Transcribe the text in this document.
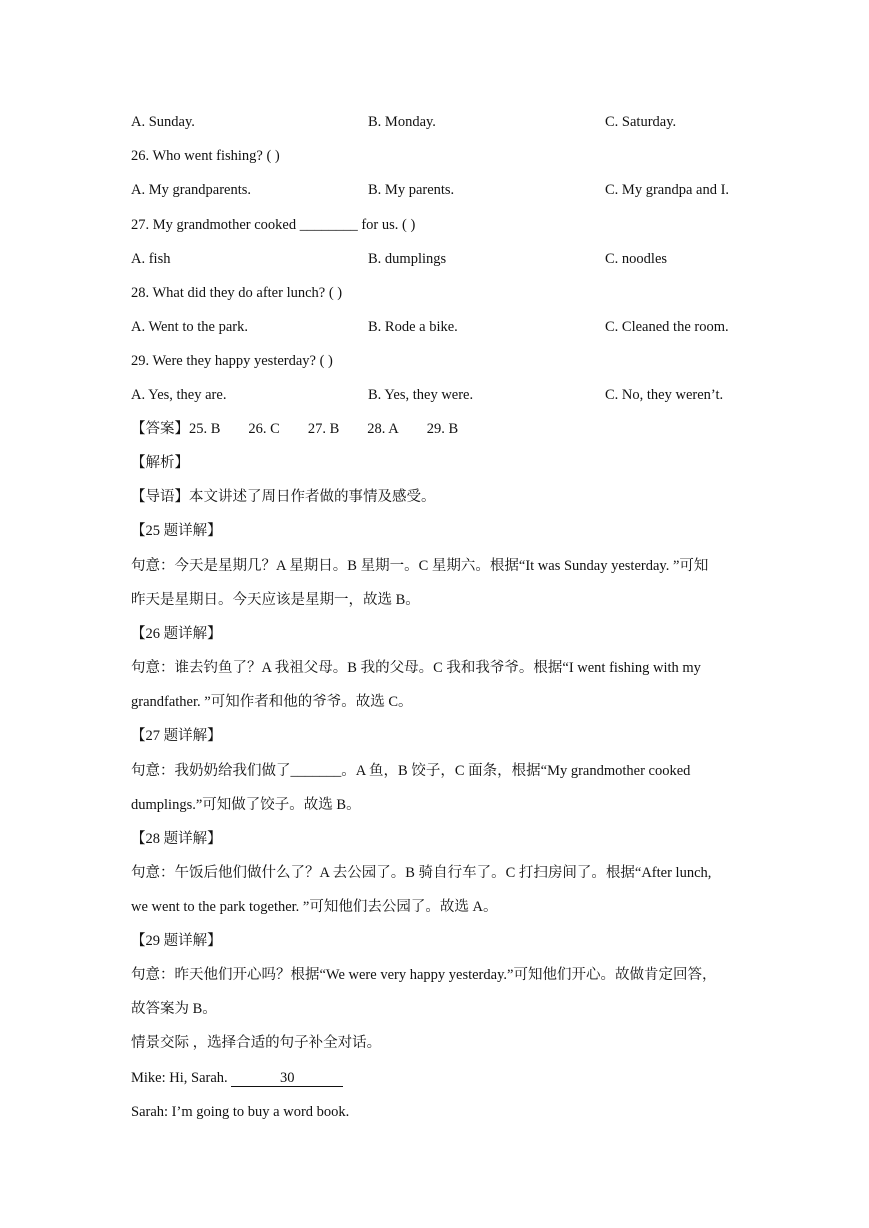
A. Sunday.	B. Monday.	C. Saturday.
26. Who went fishing? ( )
A. My grandparents.	B. My parents.	C. My grandpa and I.
27. My grandmother cooked ________ for us. ( )
A. fish	B. dumplings	C. noodles
28. What did they do after lunch? ( )
A. Went to the park.	B. Rode a bike.	C. Cleaned the room.
29. Were they happy yesterday? ( )
A. Yes, they are.	B. Yes, they were.	C. No, they weren’t.
【答案】25. B 26. C 27. B 28. A 29. B
【解析】
【导语】本文讲述了周日作者做的事情及感受。
【25 题详解】
句意：今天是星期几？A 星期日。B 星期一。C 星期六。根据“It was Sunday yesterday. ”可知
昨天是星期日。今天应该是星期一，故选 B。
【26 题详解】
句意：谁去钓鱼了？A 我祖父母。B 我的父母。C 我和我爷爷。根据“I went fishing with my
grandfather. ”可知作者和他的爷爷。故选 C。
【27 题详解】
句意：我奶奶给我们做了_______。A 鱼，B 饺子，C 面条，根据“My grandmother cooked
dumplings.”可知做了饺子。故选 B。
【28 题详解】
句意：午饭后他们做什么了？A 去公园了。B 骑自行车了。C 打扫房间了。根据“After lunch,
we went to the park together. ”可知他们去公园了。故选 A。
【29 题详解】
句意：昨天他们开心吗？根据“We were very happy yesterday.”可知他们开心。故做肯定回答，
故答案为 B。
情景交际 ，选择合适的句子补全对话。
Mike: Hi, Sarah.	30
Sarah: I’m going to buy a word book.
